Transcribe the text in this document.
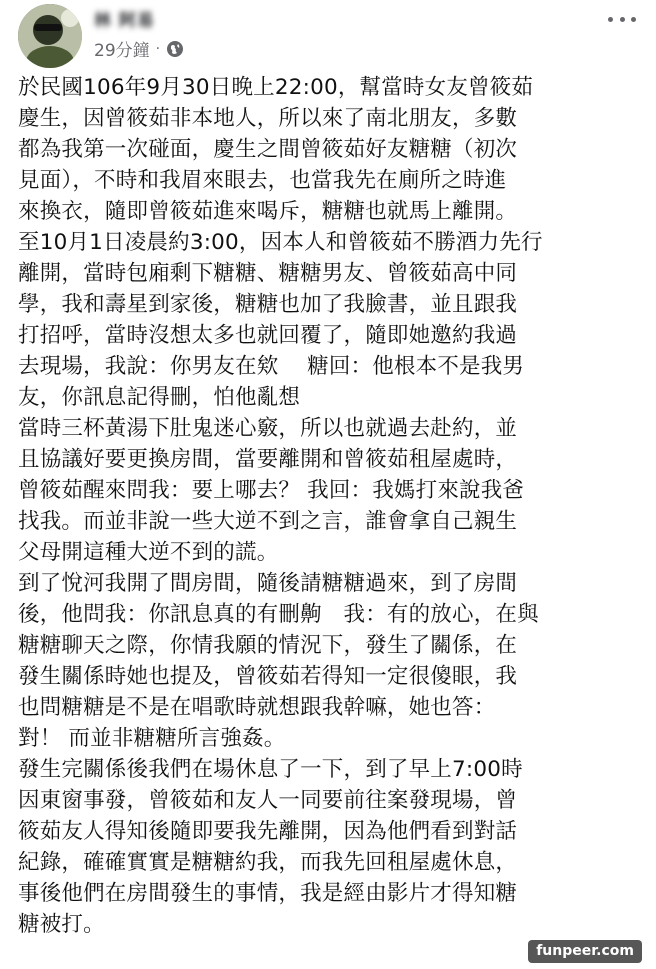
林 阿易
29分鐘 ·
於民國106年9月30日晚上22:00，幫當時女友曾筱茹
慶生，因曾筱茹非本地人，所以來了南北朋友，多數
都為我第一次碰面，慶生之間曾筱茹好友糖糖（初次
見面），不時和我眉來眼去，也當我先在廁所之時進
來換衣，隨即曾筱茹進來喝斥，糖糖也就馬上離開。
至10月1日凌晨約3:00，因本人和曾筱茹不勝酒力先行
離開，當時包廂剩下糖糖、糖糖男友、曾筱茹高中同
學，我和壽星到家後，糖糖也加了我臉書，並且跟我
打招呼，當時沒想太多也就回覆了，隨即她邀約我過
去現場，我說：你男友在欸　 糖回：他根本不是我男
友，你訊息記得刪，怕他亂想
當時三杯黃湯下肚鬼迷心竅，所以也就過去赴約，並
且協議好要更換房間，當要離開和曾筱茹租屋處時，
曾筱茹醒來問我：要上哪去？ 我回：我媽打來說我爸
找我。而並非說一些大逆不到之言，誰會拿自己親生
父母開這種大逆不到的謊。
到了悅河我開了間房間，隨後請糖糖過來，到了房間
後，他問我：你訊息真的有刪齁　我：有的放心，在與
糖糖聊天之際，你情我願的情況下，發生了關係，在
發生關係時她也提及，曾筱茹若得知一定很傻眼，我
也問糖糖是不是在唱歌時就想跟我幹嘛，她也答：
對！ 而並非糖糖所言強姦。
發生完關係後我們在場休息了一下，到了早上7:00時
因東窗事發，曾筱茹和友人一同要前往案發現場，曾
筱茹友人得知後隨即要我先離開，因為他們看到對話
紀錄，確確實實是糖糖約我，而我先回租屋處休息，
事後他們在房間發生的事情，我是經由影片才得知糖
糖被打。
funpeer.com
